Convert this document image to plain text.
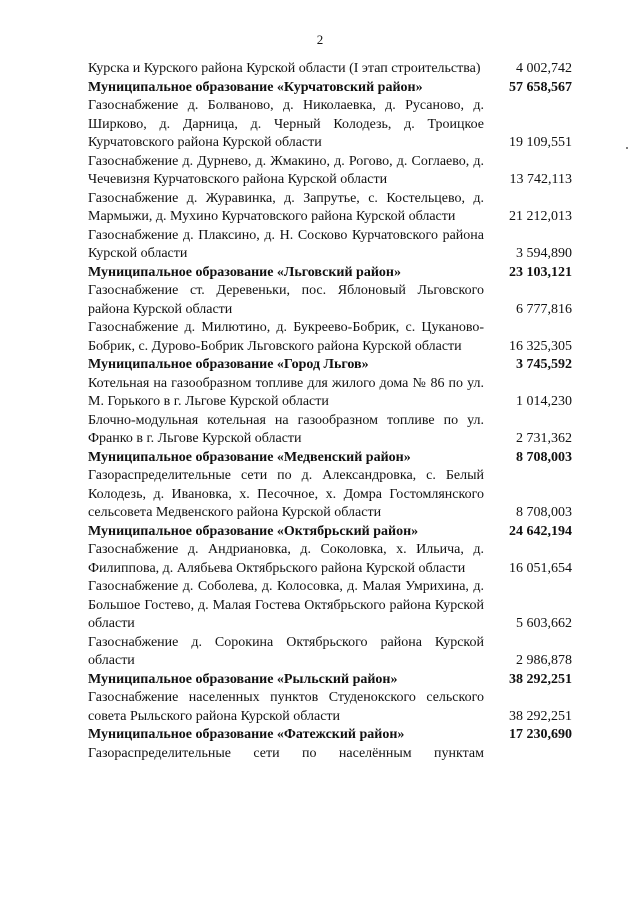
2
Курска и Курского района Курской области (I этап строительства)	4 002,742
Муниципальное образование «Курчатовский район»	57 658,567
Газоснабжение д. Болваново, д. Николаевка, д. Русаново, д. Ширково, д. Дарница, д. Черный Колодезь, д. Троицкое Курчатовского района Курской области	19 109,551
Газоснабжение д. Дурнево, д. Жмакино, д. Рогово, д. Соглаево, д. Чечевизня Курчатовского района Курской области	13 742,113
Газоснабжение д. Журавинка, д. Запрутье, с. Костельцево, д. Мармыжи, д. Мухино Курчатовского района Курской области	21 212,013
Газоснабжение д. Плаксино, д. Н. Сосково Курчатовского района Курской области	3 594,890
Муниципальное образование «Льговский район»	23 103,121
Газоснабжение ст. Деревеньки, пос. Яблоновый Льговского района Курской области	6 777,816
Газоснабжение д. Милютино, д. Букреево-Бобрик, с. Цуканово-Бобрик, с. Дурово-Бобрик Льговского района Курской области	16 325,305
Муниципальное образование «Город Льгов»	3 745,592
Котельная на газообразном топливе для жилого дома № 86 по ул. М. Горького в г. Льгове Курской области	1 014,230
Блочно-модульная котельная на газообразном топливе по ул. Франко в г. Льгове Курской области	2 731,362
Муниципальное образование «Медвенский район»	8 708,003
Газораспределительные сети по д. Александровка, с. Белый Колодезь, д. Ивановка, х. Песочное, х. Домра Гостомлянского сельсовета Медвенского района Курской области	8 708,003
Муниципальное образование «Октябрьский район»	24 642,194
Газоснабжение д. Андриановка, д. Соколовка, х. Ильича, д. Филиппова, д. Алябьева Октябрьского района Курской области	16 051,654
Газоснабжение д. Соболева, д. Колосовка, д. Малая Умрихина, д. Большое Гостево, д. Малая Гостева Октябрьского района Курской области	5 603,662
Газоснабжение д. Сорокина Октябрьского района Курской области	2 986,878
Муниципальное образование «Рыльский район»	38 292,251
Газоснабжение населенных пунктов Студенокского сельского совета Рыльского района Курской области	38 292,251
Муниципальное образование «Фатежский район»	17 230,690
Газораспределительные сети по населённым пунктам
